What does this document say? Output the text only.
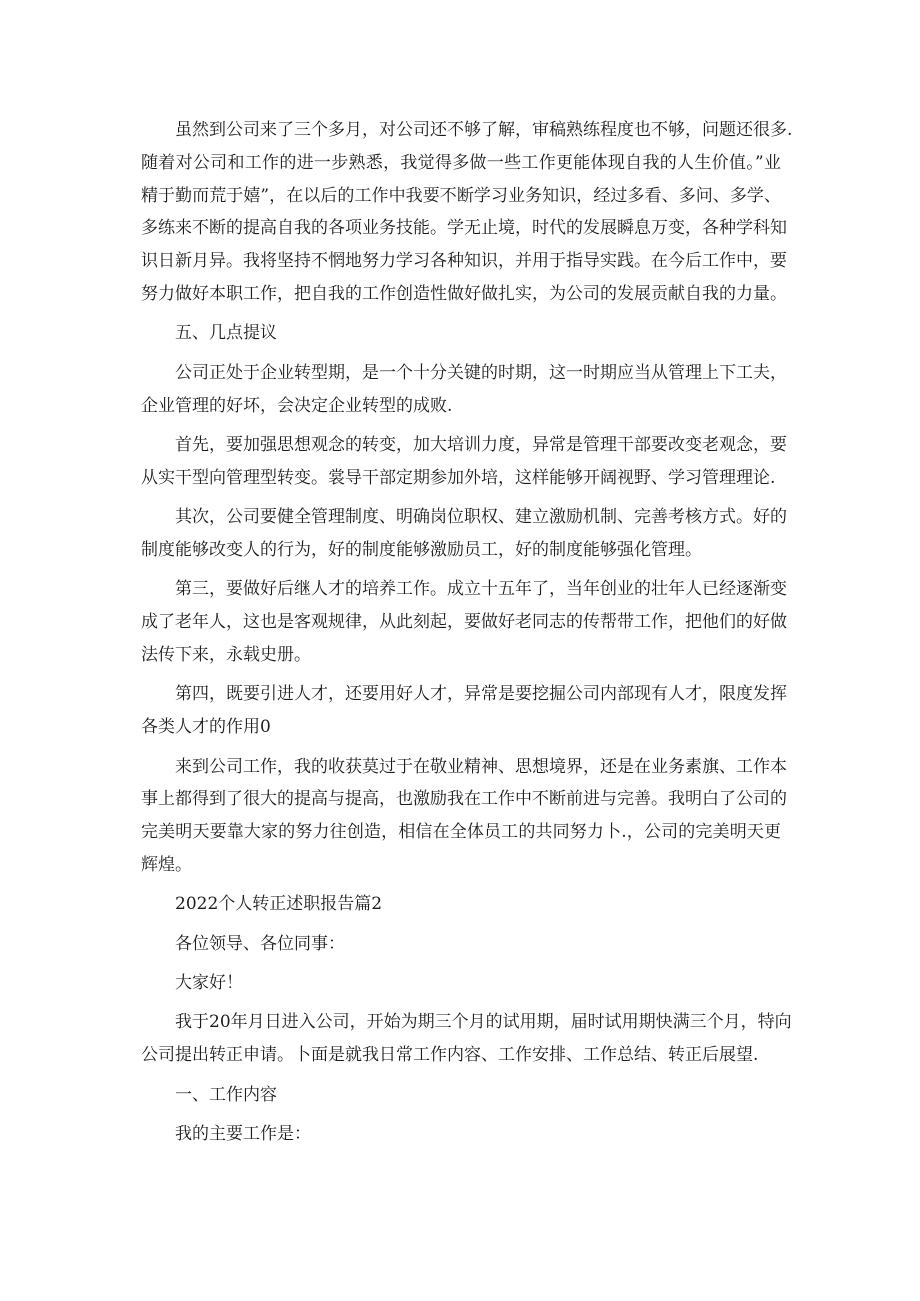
虽然到公司来了三个多月，对公司还不够了解，审稿熟练程度也不够，问题还很多.
随着对公司和工作的进一步熟悉，我觉得多做一些工作更能体现自我的人生价值。”业
精于勤而荒于嬉”，在以后的工作中我要不断学习业务知识，经过多看、多问、多学、
多练来不断的提高自我的各项业务技能。学无止境，时代的发展瞬息万变，各种学科知
识日新月异。我将坚持不惘地努力学习各种知识，并用于指导实践。在今后工作中，要
努力做好本职工作，把自我的工作创造性做好做扎实，为公司的发展贡献自我的力量。

五、几点提议

公司正处于企业转型期，是一个十分关键的时期，这一时期应当从管理上下工夫，
企业管理的好坏，会决定企业转型的成败.

首先，要加强思想观念的转变，加大培训力度，异常是管理干部要改变老观念，要
从实干型向管理型转变。裳导干部定期参加外培，这样能够开阔视野、学习管理理论.

其次，公司要健全管理制度、明确岗位职权、建立激励机制、完善考核方式。好的
制度能够改变人的行为，好的制度能够激励员工，好的制度能够强化管理。

第三，要做好后继人才的培养工作。成立十五年了，当年创业的壮年人已经逐渐变
成了老年人，这也是客观规律，从此刻起，要做好老同志的传帮带工作，把他们的好做
法传下来，永载史册。

第四，既要引进人才，还要用好人才，异常是要挖掘公司内部现有人才，限度发挥
各类人才的作用0

来到公司工作，我的收获莫过于在敬业精神、思想境界，还是在业务素旗、工作本
事上都得到了很大的提高与提高，也激励我在工作中不断前进与完善。我明白了公司的
完美明天要靠大家的努力往创造，相信在全体员工的共同努力卜.，公司的完美明天更
辉煌。

2022个人转正述职报告篇2

各位领导、各位同事：

大家好！

我于20年月日进入公司，开始为期三个月的试用期，届时试用期快满三个月，特向
公司提出转正申请。卜面是就我日常工作内容、工作安排、工作总结、转正后展望.

一、工作内容

我的主要工作是：
